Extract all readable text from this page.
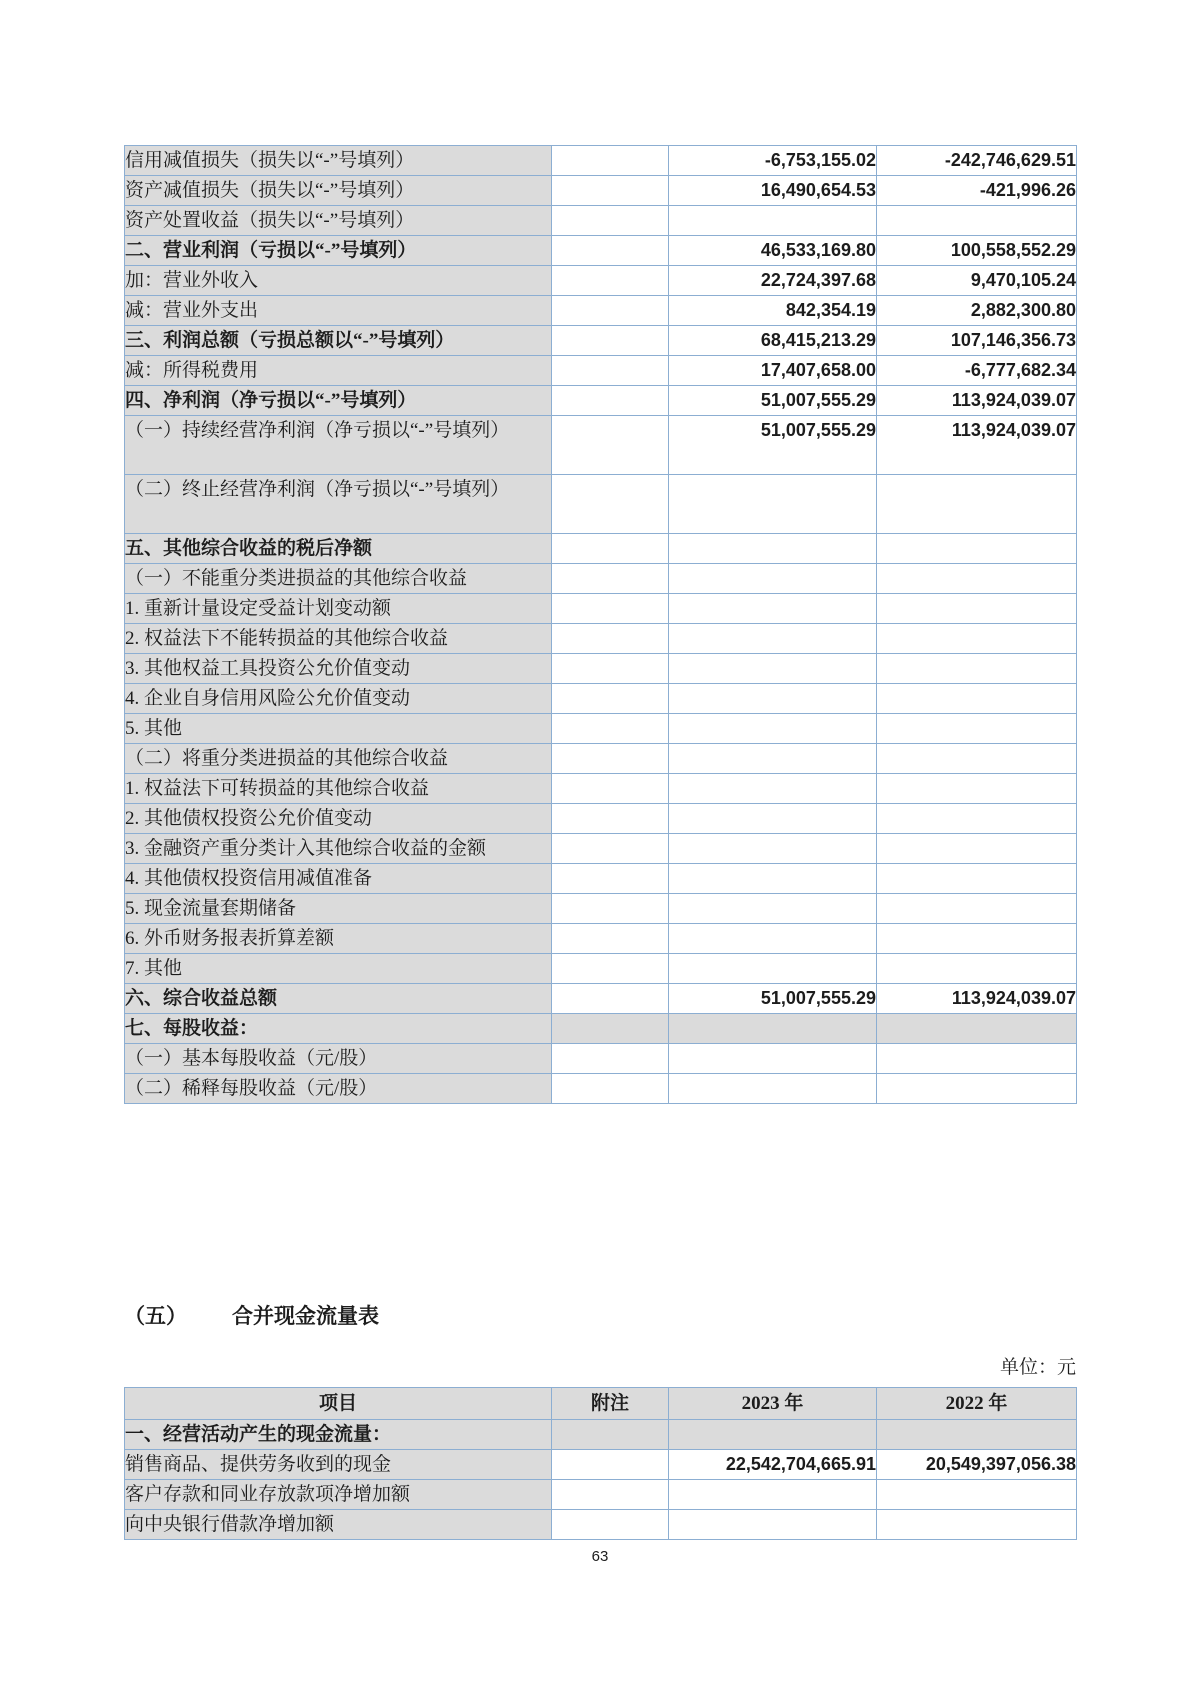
信用减值损失（损失以“-”号填列）		-6,753,155.02	-242,746,629.51
资产减值损失（损失以“-”号填列）		16,490,654.53	-421,996.26
资产处置收益（损失以“-”号填列）			
二、营业利润（亏损以“-”号填列）		46,533,169.80	100,558,552.29
加：营业外收入		22,724,397.68	9,470,105.24
减：营业外支出		842,354.19	2,882,300.80
三、利润总额（亏损总额以“-”号填列）		68,415,213.29	107,146,356.73
减：所得税费用		17,407,658.00	-6,777,682.34
四、净利润（净亏损以“-”号填列）		51,007,555.29	113,924,039.07
（一）持续经营净利润（净亏损以“-”号填列）		51,007,555.29	113,924,039.07
（二）终止经营净利润（净亏损以“-”号填列）			
五、其他综合收益的税后净额			
（一）不能重分类进损益的其他综合收益			
1. 重新计量设定受益计划变动额			
2. 权益法下不能转损益的其他综合收益			
3. 其他权益工具投资公允价值变动			
4. 企业自身信用风险公允价值变动			
5. 其他			
（二）将重分类进损益的其他综合收益			
1. 权益法下可转损益的其他综合收益			
2. 其他债权投资公允价值变动			
3. 金融资产重分类计入其他综合收益的金额			
4. 其他债权投资信用减值准备			
5. 现金流量套期储备			
6. 外币财务报表折算差额			
7. 其他			
六、综合收益总额		51,007,555.29	113,924,039.07
七、每股收益：			
（一）基本每股收益（元/股）			
（二）稀释每股收益（元/股）			
（五） 合并现金流量表
单位：元
项目	附注	2023 年	2022 年
一、经营活动产生的现金流量：			
销售商品、提供劳务收到的现金		22,542,704,665.91	20,549,397,056.38
客户存款和同业存放款项净增加额			
向中央银行借款净增加额			
63
